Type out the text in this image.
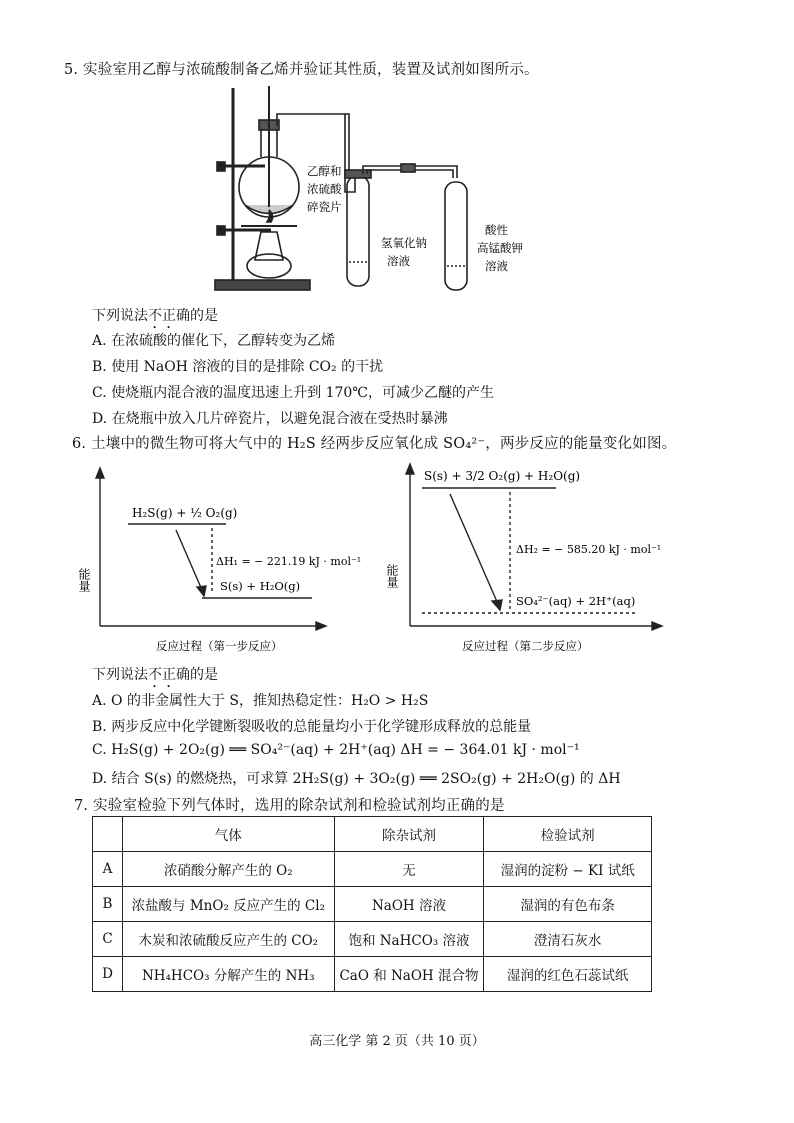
5. 实验室用乙醇与浓硫酸制备乙烯并验证其性质，装置及试剂如图所示。
乙醇和
浓硫酸
碎瓷片
氢氧化钠
溶液
酸性
高锰酸钾
溶液
下列说法不正确的是
A. 在浓硫酸的催化下，乙醇转变为乙烯
B. 使用 NaOH 溶液的目的是排除 CO₂ 的干扰
C. 使烧瓶内混合液的温度迅速上升到 170℃，可减少乙醚的产生
D. 在烧瓶中放入几片碎瓷片，以避免混合液在受热时暴沸
6. 土壤中的微生物可将大气中的 H₂S 经两步反应氧化成 SO₄²⁻，两步反应的能量变化如图。
能量
H₂S(g) + ½ O₂(g)
ΔH₁ = − 221.19 kJ · mol⁻¹
S(s) + H₂O(g)
反应过程（第一步反应）
能量
S(s) + 3/2 O₂(g) + H₂O(g)
ΔH₂ = − 585.20 kJ · mol⁻¹
SO₄²⁻(aq) + 2H⁺(aq)
反应过程（第二步反应）
下列说法不正确的是
A. O 的非金属性大于 S，推知热稳定性：H₂O > H₂S
B. 两步反应中化学键断裂吸收的总能量均小于化学键形成释放的总能量
C. H₂S(g) + 2O₂(g) ══ SO₄²⁻(aq) + 2H⁺(aq) ΔH = − 364.01 kJ · mol⁻¹
D. 结合 S(s) 的燃烧热，可求算 2H₂S(g) + 3O₂(g) ══ 2SO₂(g) + 2H₂O(g) 的 ΔH
7. 实验室检验下列气体时，选用的除杂试剂和检验试剂均正确的是
	气体	除杂试剂	检验试剂
A	浓硝酸分解产生的 O₂	无	湿润的淀粉 − KI 试纸
B	浓盐酸与 MnO₂ 反应产生的 Cl₂	NaOH 溶液	湿润的有色布条
C	木炭和浓硫酸反应产生的 CO₂	饱和 NaHCO₃ 溶液	澄清石灰水
D	NH₄HCO₃ 分解产生的 NH₃	CaO 和 NaOH 混合物	湿润的红色石蕊试纸
高三化学 第 2 页（共 10 页）
